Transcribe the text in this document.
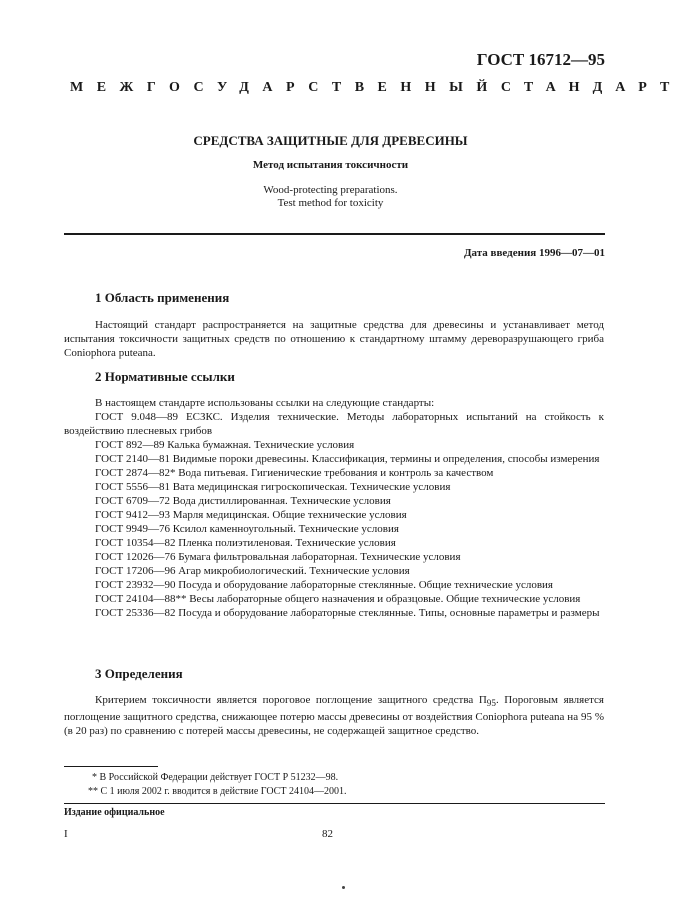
ГОСТ 16712—95
МЕЖГОСУДАРСТВЕННЫЙ СТАНДАРТ
СРЕДСТВА ЗАЩИТНЫЕ ДЛЯ ДРЕВЕСИНЫ
Метод испытания токсичности
Wood-protecting preparations.
Test method for toxicity
Дата введения 1996—07—01
1 Область применения
Настоящий стандарт распространяется на защитные средства для древесины и устанавливает метод испытания токсичности защитных средств по отношению к стандартному штамму дереворазрушающего гриба Coniophora puteana.
2 Нормативные ссылки

В настоящем стандарте использованы ссылки на следующие стандарты:

ГОСТ 9.048—89 ЕСЗКС. Изделия технические. Методы лабораторных испытаний на стойкость к воздействию плесневых грибов

ГОСТ 892—89 Калька бумажная. Технические условия

ГОСТ 2140—81 Видимые пороки древесины. Классификация, термины и определения, способы измерения

ГОСТ 2874—82* Вода питьевая. Гигиенические требования и контроль за качеством

ГОСТ 5556—81 Вата медицинская гигроскопическая. Технические условия

ГОСТ 6709—72 Вода дистиллированная. Технические условия

ГОСТ 9412—93 Марля медицинская. Общие технические условия

ГОСТ 9949—76 Ксилол каменноугольный. Технические условия

ГОСТ 10354—82 Пленка полиэтиленовая. Технические условия

ГОСТ 12026—76 Бумага фильтровальная лабораторная. Технические условия

ГОСТ 17206—96 Агар микробиологический. Технические условия

ГОСТ 23932—90 Посуда и оборудование лабораторные стеклянные. Общие технические условия

ГОСТ 24104—88** Весы лабораторные общего назначения и образцовые. Общие технические условия

ГОСТ 25336—82 Посуда и оборудование лабораторные стеклянные. Типы, основные параметры и размеры

3 Определения
Критерием токсичности является пороговое поглощение защитного средства $П_{95}$. Пороговым является поглощение защитного средства, снижающее потерю массы древесины от воздействия Coniophora puteana на 95 % (в 20 раз) по сравнению с потерей массы древесины, не содержащей защитное средство.
* В Российской Федерации действует ГОСТ Р 51232—98.
** С 1 июля 2002 г. вводится в действие ГОСТ 24104—2001.
Издание официальное
I	82
